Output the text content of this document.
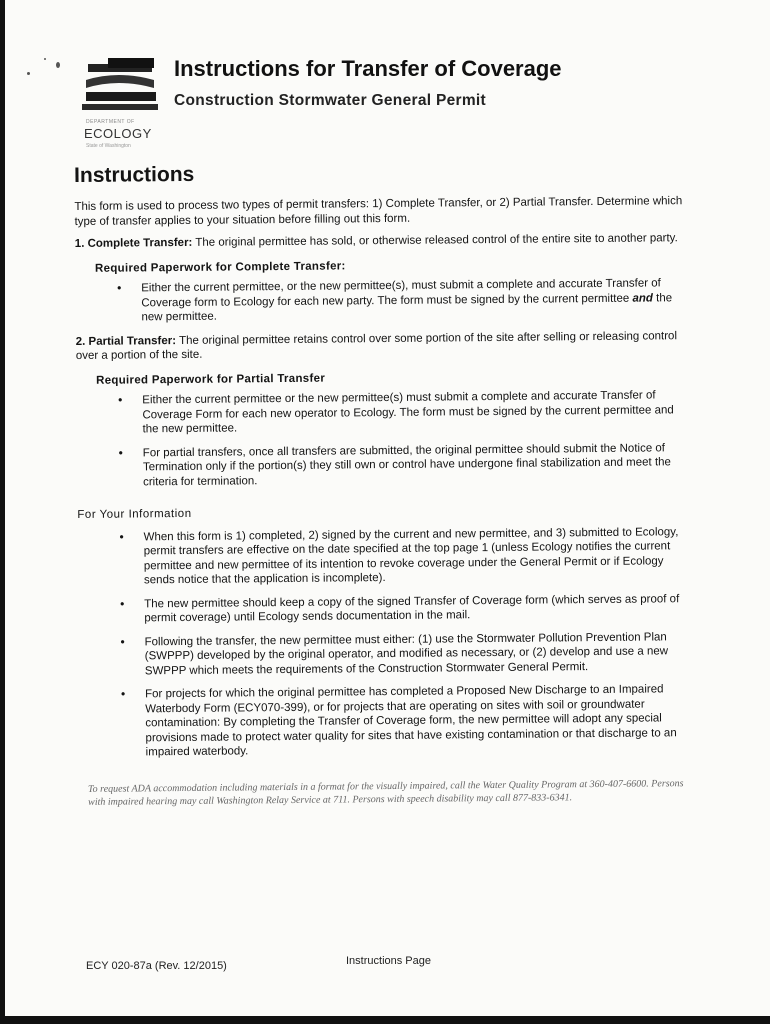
DEPARTMENT OF
ECOLOGY
State of Washington
Instructions for Transfer of Coverage
Construction Stormwater General Permit
Instructions

This form is used to process two types of permit transfers: 1) Complete Transfer, or 2) Partial Transfer. Determine which type of transfer applies to your situation before filling out this form.

1. Complete Transfer: The original permittee has sold, or otherwise released control of the entire site to another party.

Required Paperwork for Complete Transfer:
• Either the current permittee, or the new permittee(s), must submit a complete and accurate Transfer of Coverage form to Ecology for each new party. The form must be signed by the current permittee and the new permittee.

2. Partial Transfer: The original permittee retains control over some portion of the site after selling or releasing control over a portion of the site.

Required Paperwork for Partial Transfer
• Either the current permittee or the new permittee(s) must submit a complete and accurate Transfer of Coverage Form for each new operator to Ecology. The form must be signed by the current permittee and the new permittee.
• For partial transfers, once all transfers are submitted, the original permittee should submit the Notice of Termination only if the portion(s) they still own or control have undergone final stabilization and meet the criteria for termination.
For Your Information
• When this form is 1) completed, 2) signed by the current and new permittee, and 3) submitted to Ecology, permit transfers are effective on the date specified at the top page 1 (unless Ecology notifies the current permittee and new permittee of its intention to revoke coverage under the General Permit or if Ecology sends notice that the application is incomplete).
• The new permittee should keep a copy of the signed Transfer of Coverage form (which serves as proof of permit coverage) until Ecology sends documentation in the mail.
• Following the transfer, the new permittee must either: (1) use the Stormwater Pollution Prevention Plan (SWPPP) developed by the original operator, and modified as necessary, or (2) develop and use a new SWPPP which meets the requirements of the Construction Stormwater General Permit.
• For projects for which the original permittee has completed a Proposed New Discharge to an Impaired Waterbody Form (ECY070-399), or for projects that are operating on sites with soil or groundwater contamination: By completing the Transfer of Coverage form, the new permittee will adopt any special provisions made to protect water quality for sites that have existing contamination or that discharge to an impaired waterbody.
To request ADA accommodation including materials in a format for the visually impaired, call the Water Quality Program at 360-407-6600. Persons with impaired hearing may call Washington Relay Service at 711. Persons with speech disability may call 877-833-6341.
ECY 020-87a (Rev. 12/2015)	Instructions Page
